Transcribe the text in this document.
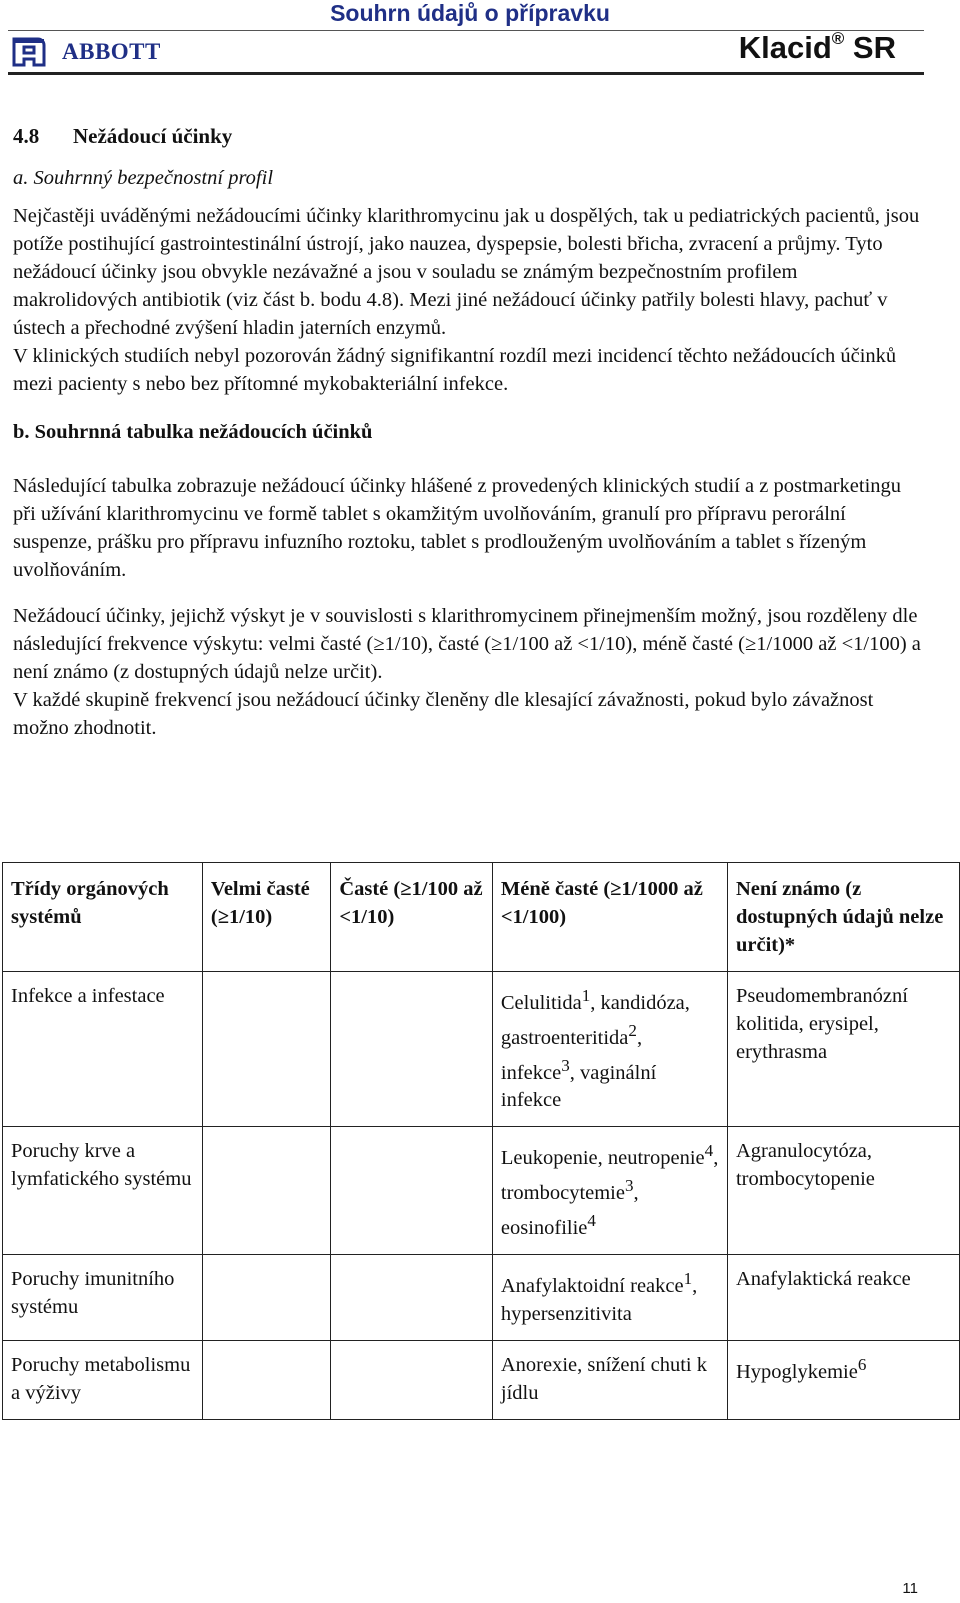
Souhrn údajů o přípravku
ABBOTT	Klacid® SR
4.8 Nežádoucí účinky

a. Souhrnný bezpečnostní profil

Nejčastěji uváděnými nežádoucími účinky klarithromycinu jak u dospělých, tak u pediatrických pacientů, jsou potíže postihující gastrointestinální ústrojí, jako nauzea, dyspepsie, bolesti břicha, zvracení a průjmy. Tyto nežádoucí účinky jsou obvykle nezávažné a jsou v souladu se známým bezpečnostním profilem makrolidových antibiotik (viz část b. bodu 4.8). Mezi jiné nežádoucí účinky patřily bolesti hlavy, pachuť v ústech a přechodné zvýšení hladin jaterních enzymů.

V klinických studiích nebyl pozorován žádný signifikantní rozdíl mezi incidencí těchto nežádoucích účinků mezi pacienty s nebo bez přítomné mykobakteriální infekce.

b. Souhrnná tabulka nežádoucích účinků

Následující tabulka zobrazuje nežádoucí účinky hlášené z provedených klinických studií a z postmarketingu při užívání klarithromycinu ve formě tablet s okamžitým uvolňováním, granulí pro přípravu perorální suspenze, prášku pro přípravu infuzního roztoku, tablet s prodlouženým uvolňováním a tablet s řízeným uvolňováním.

Nežádoucí účinky, jejichž výskyt je v souvislosti s klarithromycinem přinejmenším možný, jsou rozděleny dle následující frekvence výskytu: velmi časté (≥1/10), časté (≥1/100 až <1/10), méně časté (≥1/1000 až <1/100) a není známo (z dostupných údajů nelze určit).

V každé skupině frekvencí jsou nežádoucí účinky členěny dle klesající závažnosti, pokud bylo závažnost možno zhodnotit.

Třídy orgánových systémů	Velmi časté (≥1/10)	Časté (≥1/100 až <1/10)	Méně časté (≥1/1000 až <1/100)	Není známo (z dostupných údajů nelze určit)*
Infekce a infestace			Celulitida$^1$, kandidóza, gastroenteritida$^2$, infekce$^3$, vaginální infekce	Pseudomembranózní kolitida, erysipel, erythrasma
Poruchy krve a lymfatického systému			Leukopenie, neutropenie$^4$, trombocytemie$^3$, eosinofilie$^4$	Agranulocytóza, trombocytopenie
Poruchy imunitního systému			Anafylaktoidní reakce$^1$, hypersenzitivita	Anafylaktická reakce
Poruchy metabolismu a výživy			Anorexie, snížení chuti k jídlu	Hypoglykemie$^6$
11
